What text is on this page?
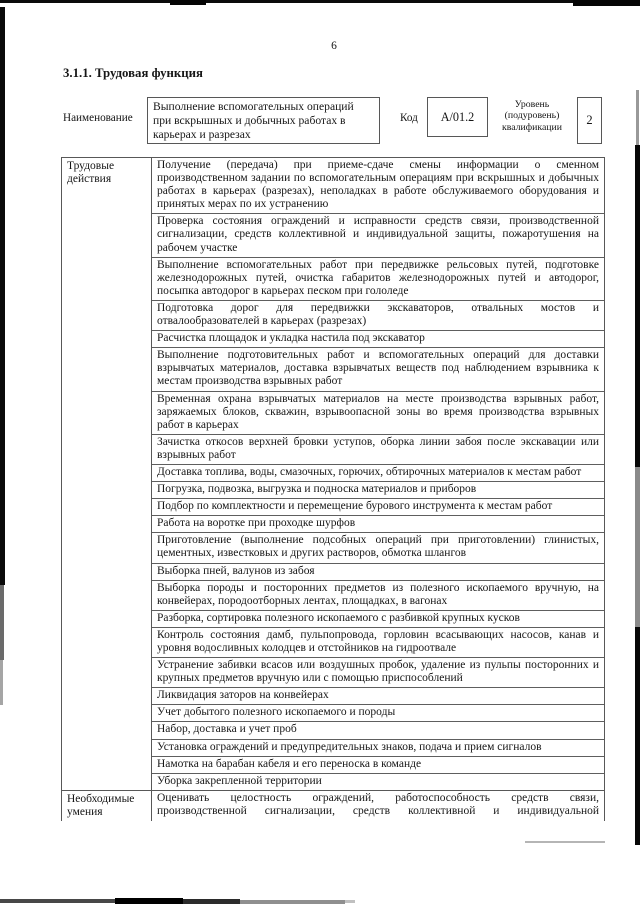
6
3.1.1. Трудовая функция
Наименование
Выполнение вспомогательных операций при вскрышных и добычных работах в карьерах и разрезах
Код	А/01.2
Уровень (подуровень) квалификации
2
Трудовые действия
Получение (передача) при приеме-сдаче смены информации о сменном производственном задании по вспомогательным операциям при вскрышных и добычных работах в карьерах (разрезах), неполадках в работе обслуживаемого оборудования и принятых мерах по их устранению
Проверка состояния ограждений и исправности средств связи, производственной сигнализации, средств коллективной и индивидуальной защиты, пожаротушения на рабочем участке
Выполнение вспомогательных работ при передвижке рельсовых путей, подготовке железнодорожных путей, очистка габаритов железнодорожных путей и автодорог, посыпка автодорог в карьерах песком при гололеде
Подготовка дорог для передвижки экскаваторов, отвальных мостов и отвалообразователей в карьерах (разрезах)
Расчистка площадок и укладка настила под экскаватор
Выполнение подготовительных работ и вспомогательных операций для доставки взрывчатых материалов, доставка взрывчатых веществ под наблюдением взрывника к местам производства взрывных работ
Временная охрана взрывчатых материалов на месте производства взрывных работ, заряжаемых блоков, скважин, взрывоопасной зоны во время производства взрывных работ в карьерах
Зачистка откосов верхней бровки уступов, оборка линии забоя после экскавации или взрывных работ
Доставка топлива, воды, смазочных, горючих, обтирочных материалов к местам работ
Погрузка, подвозка, выгрузка и подноска материалов и приборов
Подбор по комплектности и перемещение бурового инструмента к местам работ
Работа на воротке при проходке шурфов
Приготовление (выполнение подсобных операций при приготовлении) глинистых, цементных, известковых и других растворов, обмотка шлангов
Выборка пней, валунов из забоя
Выборка породы и посторонних предметов из полезного ископаемого вручную, на конвейерах, породоотборных лентах, площадках, в вагонах
Разборка, сортировка полезного ископаемого с разбивкой крупных кусков
Контроль состояния дамб, пульпопровода, горловин всасывающих насосов, канав и уровня водосливных колодцев и отстойников на гидроотвале
Устранение забивки всасов или воздушных пробок, удаление из пульпы посторонних и крупных предметов вручную или с помощью приспособлений
Ликвидация заторов на конвейерах
Учет добытого полезного ископаемого и породы
Набор, доставка и учет проб
Установка ограждений и предупредительных знаков, подача и прием сигналов
Намотка на барабан кабеля и его переноска в команде
Уборка закрепленной территории
Необходимые умения
Оценивать целостность ограждений, работоспособность средств связи, производственной сигнализации, средств коллективной и индивидуальной
